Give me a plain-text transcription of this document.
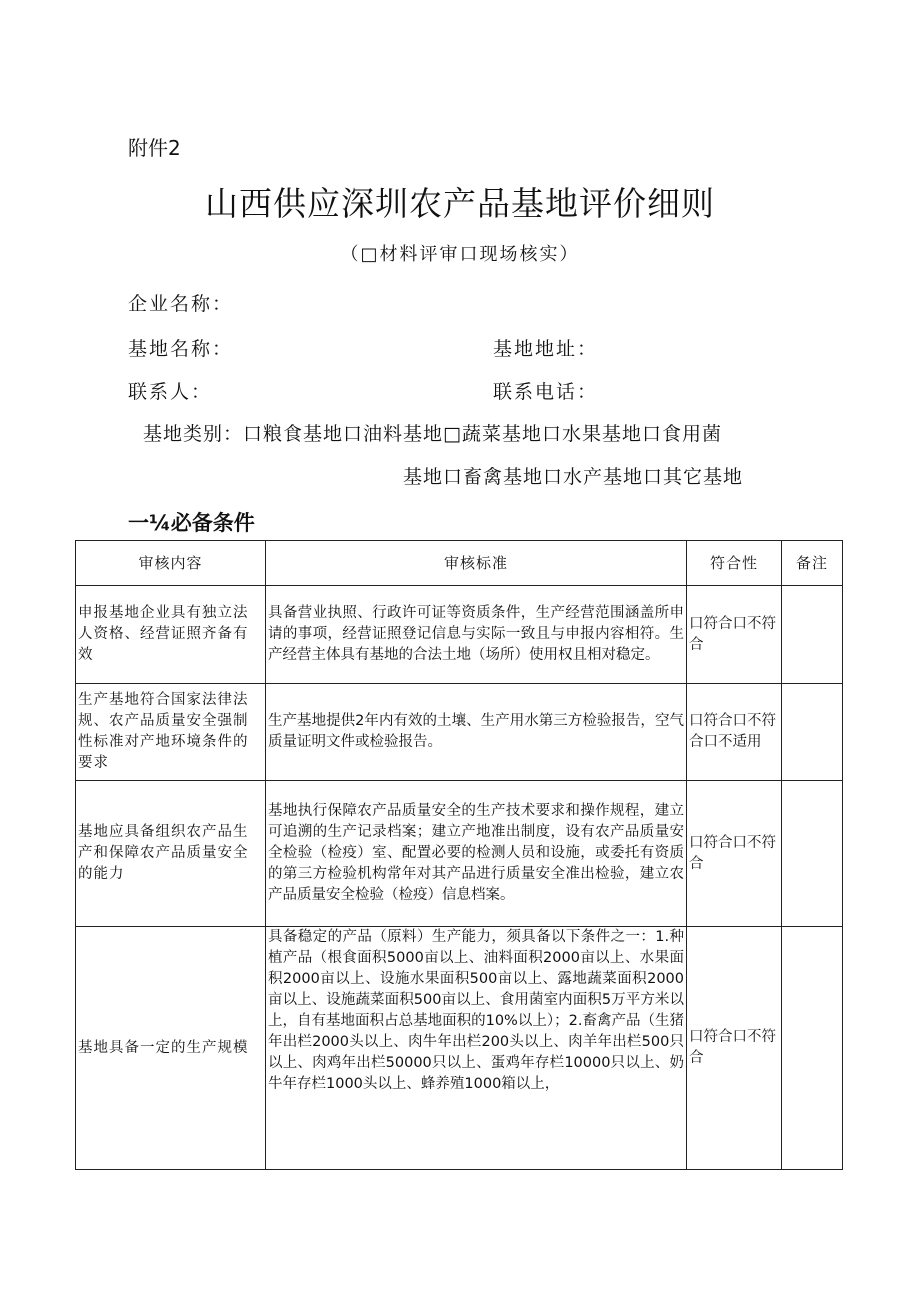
附件2
山西供应深圳农产品基地评价细则
（□材料评审口现场核实）
企业名称：
基地名称：	基地地址：
联系人：	联系电话：
基地类别：口粮食基地口油料基地□蔬菜基地口水果基地口食用菌
基地口畜禽基地口水产基地口其它基地
一¼必备条件
审核内容	审核标准	符合性	备注
申报基地企业具有独立法人资格、经营证照齐备有效	具备营业执照、行政许可证等资质条件，生产经营范围涵盖所申请的事项，经营证照登记信息与实际一致且与申报内容相符。生产经营主体具有基地的合法土地（场所）使用权且相对稳定。	口符合口不符合	
生产基地符合国家法律法规、农产品质量安全强制性标准对产地环境条件的要求	生产基地提供2年内有效的土壤、生产用水第三方检验报告，空气质量证明文件或检验报告。	口符合口不符合口不适用	
基地应具备组织农产品生产和保障农产品质量安全的能力	基地执行保障农产品质量安全的生产技术要求和操作规程，建立可追溯的生产记录档案；建立产地准出制度，设有农产品质量安全检验（检疫）室、配置必要的检测人员和设施，或委托有资质的第三方检验机构常年对其产品进行质量安全准出检验，建立农产品质量安全检验（检疫）信息档案。	口符合口不符合	
基地具备一定的生产规模	具备稳定的产品（原料）生产能力，须具备以下条件之一：1.种植产品（根食面积5000亩以上、油料面积2000亩以上、水果面积2000亩以上、设施水果面积500亩以上、露地蔬菜面积2000亩以上、设施蔬菜面积500亩以上、食用菌室内面积5万平方米以上，自有基地面积占总基地面积的10%以上）；2.畜禽产品（生猪年出栏2000头以上、肉牛年出栏200头以上、肉羊年出栏500只以上、肉鸡年出栏50000只以上、蛋鸡年存栏10000只以上、奶牛年存栏1000头以上、蜂养殖1000箱以上，	口符合口不符合	
